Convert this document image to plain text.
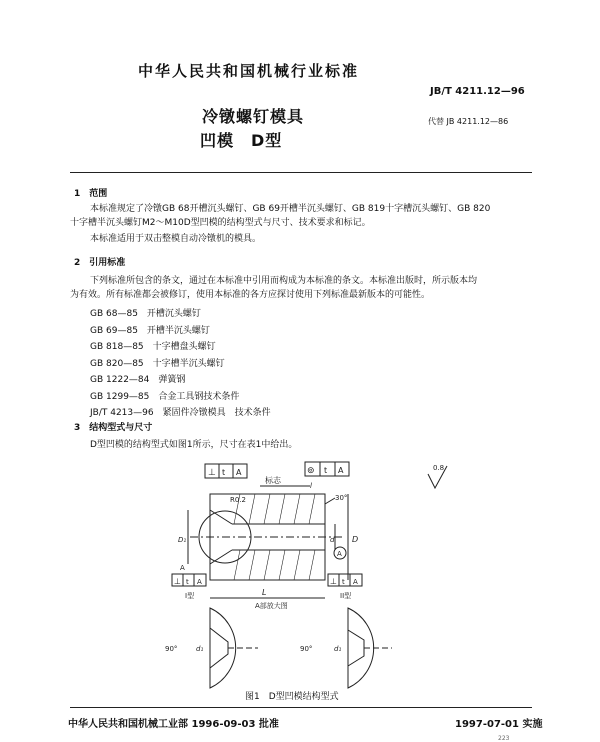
中华人民共和国机械行业标准
JB/T 4211.12—96
冷镦螺钉模具
凹模　D型
代替 JB 4211.12—86
1　范围
本标准规定了冷镦GB 68开槽沉头螺钉、GB 69开槽半沉头螺钉、GB 819十字槽沉头螺钉、GB 820
十字槽半沉头螺钉M2～M10D型凹模的结构型式与尺寸、技术要求和标记。
本标准适用于双击整模自动冷镦机的模具。
2　引用标准
下列标准所包含的条文，通过在本标准中引用而构成为本标准的条文。本标准出版时，所示版本均
为有效。所有标准都会被修订，使用本标准的各方应探讨使用下列标准最新版本的可能性。
GB 68—85　开槽沉头螺钉
GB 69—85　开槽半沉头螺钉
GB 818—85　十字槽盘头螺钉
GB 820—85　十字槽半沉头螺钉
GB 1222—84　弹簧钢
GB 1299—85　合金工具钢技术条件
JB/T 4213—96　紧固件冷镦模具　技术条件
3　结构型式与尺寸
D型凹模的结构型式如图1所示，尺寸在表1中给出。
⊥ t A	⊚ t A	0.8
标志
R0.2	30°
D
d
D₁
L
l
A
A
⊥ t A	⊥ t A
I型	II型
A部放大图
90°	d₁	90°	d₁
图1　D型凹模结构型式
中华人民共和国机械工业部 1996-09-03 批准	1997-07-01 实施
223
